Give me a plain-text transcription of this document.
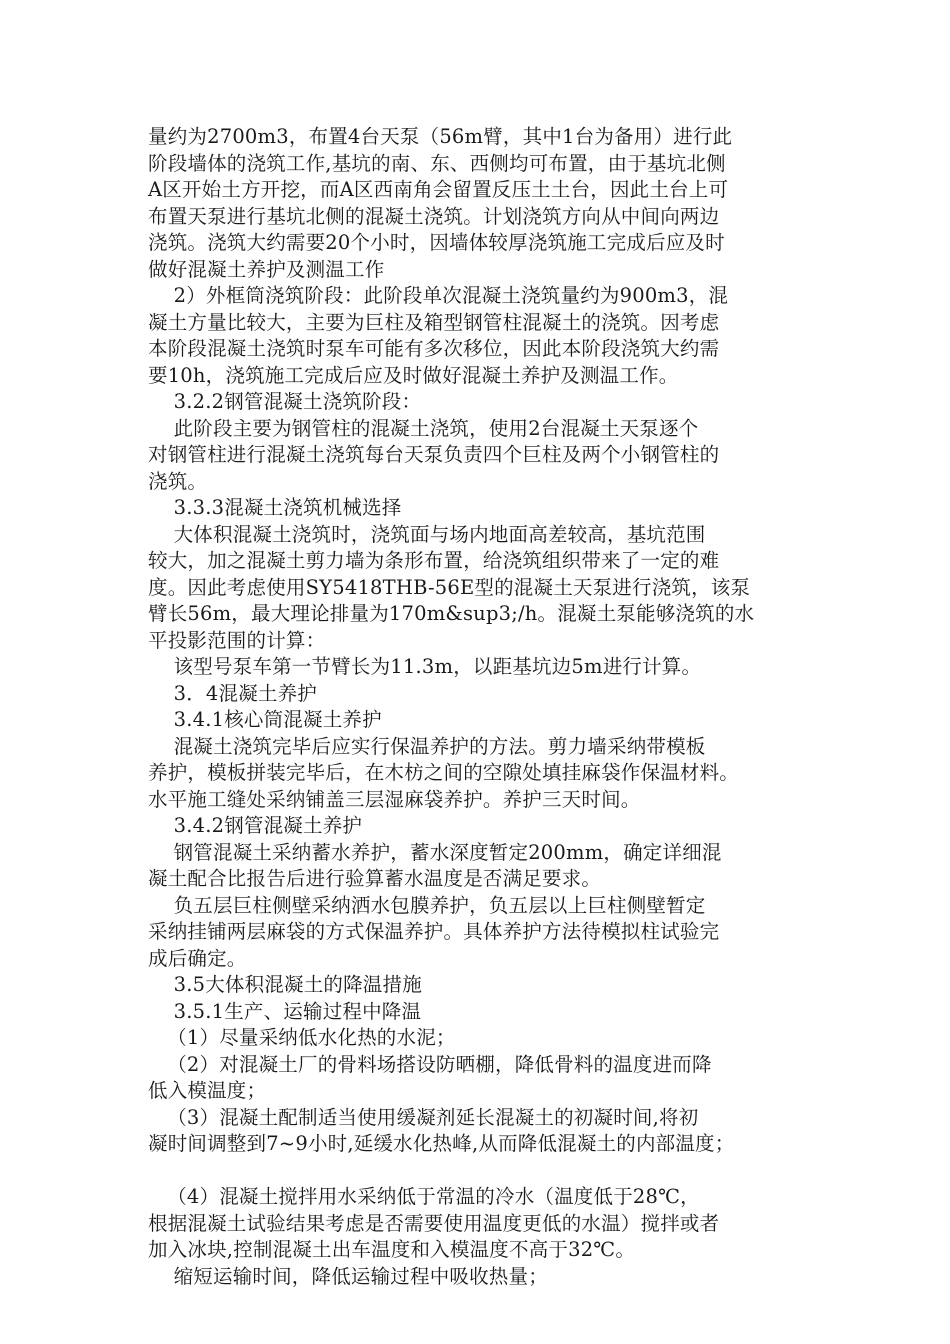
量约为2700m3，布置4台天泵（56m臂，其中1台为备用）进行此
阶段墙体的浇筑工作,基坑的南、东、西侧均可布置，由于基坑北侧
A区开始土方开挖，而A区西南角会留置反压土土台，因此土台上可
布置天泵进行基坑北侧的混凝土浇筑。计划浇筑方向从中间向两边
浇筑。浇筑大约需要20个小时，因墙体较厚浇筑施工完成后应及时
做好混凝土养护及测温工作
2）外框筒浇筑阶段：此阶段单次混凝土浇筑量约为900m3，混
凝土方量比较大，主要为巨柱及箱型钢管柱混凝土的浇筑。因考虑
本阶段混凝土浇筑时泵车可能有多次移位，因此本阶段浇筑大约需
要10h，浇筑施工完成后应及时做好混凝土养护及测温工作。
3.2.2钢管混凝土浇筑阶段：
此阶段主要为钢管柱的混凝土浇筑，使用2台混凝土天泵逐个
对钢管柱进行混凝土浇筑每台天泵负责四个巨柱及两个小钢管柱的
浇筑。
3.3.3混凝土浇筑机械选择
大体积混凝土浇筑时，浇筑面与场内地面高差较高，基坑范围
较大，加之混凝土剪力墙为条形布置，给浇筑组织带来了一定的难
度。因此考虑使用SY5418THB-56E型的混凝土天泵进行浇筑，该泵
臂长56m，最大理论排量为170m&sup3;/h。混凝土泵能够浇筑的水
平投影范围的计算：
该型号泵车第一节臂长为11.3m，以距基坑边5m进行计算。
3．4混凝土养护
3.4.1核心筒混凝土养护
混凝土浇筑完毕后应实行保温养护的方法。剪力墙采纳带模板
养护，模板拼装完毕后，在木枋之间的空隙处填挂麻袋作保温材料。
水平施工缝处采纳铺盖三层湿麻袋养护。养护三天时间。
3.4.2钢管混凝土养护
钢管混凝土采纳蓄水养护，蓄水深度暂定200mm，确定详细混
凝土配合比报告后进行验算蓄水温度是否满足要求。
负五层巨柱侧壁采纳洒水包膜养护，负五层以上巨柱侧壁暂定
采纳挂铺两层麻袋的方式保温养护。具体养护方法待模拟柱试验完
成后确定。
3.5大体积混凝土的降温措施
3.5.1生产、运输过程中降温
（1）尽量采纳低水化热的水泥；
（2）对混凝土厂的骨料场搭设防晒棚，降低骨料的温度进而降
低入模温度；
（3）混凝土配制适当使用缓凝剂延长混凝土的初凝时间,将初
凝时间调整到7~9小时,延缓水化热峰,从而降低混凝土的内部温度；
（4）混凝土搅拌用水采纳低于常温的冷水（温度低于28℃，
根据混凝土试验结果考虑是否需要使用温度更低的水温）搅拌或者
加入冰块,控制混凝土出车温度和入模温度不高于32℃。
缩短运输时间，降低运输过程中吸收热量；
